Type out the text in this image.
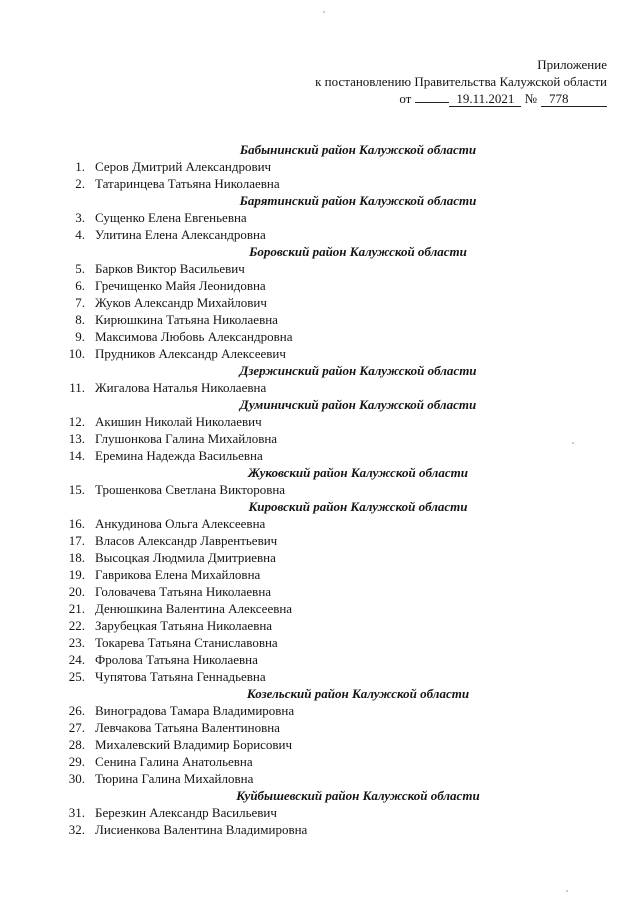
Приложение
к постановлению Правительства Калужской области
от	19.11.2021 № 778
Бабынинский район Калужской области
1. Серов Дмитрий Александрович
2. Татаринцева Татьяна Николаевна
Барятинский район Калужской области
3. Сущенко Елена Евгеньевна
4. Улитина Елена Александровна
Боровский район Калужской области
5. Барков Виктор Васильевич
6. Гречищенко Майя Леонидовна
7. Жуков Александр Михайлович
8. Кирюшкина Татьяна Николаевна
9. Максимова Любовь Александровна
10. Прудников Александр Алексеевич
Дзержинский район Калужской области
11. Жигалова Наталья Николаевна
Думиничский район Калужской области
12. Акишин Николай Николаевич
13. Глушонкова Галина Михайловна
14. Еремина Надежда Васильевна
Жуковский район Калужской области
15. Трошенкова Светлана Викторовна
Кировский район Калужской области
16. Анкудинова Ольга Алексеевна
17. Власов Александр Лаврентьевич
18. Высоцкая Людмила Дмитриевна
19. Гаврикова Елена Михайловна
20. Головачева Татьяна Николаевна
21. Денюшкина Валентина Алексеевна
22. Зарубецкая Татьяна Николаевна
23. Токарева Татьяна Станиславовна
24. Фролова Татьяна Николаевна
25. Чупятова Татьяна Геннадьевна
Козельский район Калужской области
26. Виноградова Тамара Владимировна
27. Левчакова Татьяна Валентиновна
28. Михалевский Владимир Борисович
29. Сенина Галина Анатольевна
30. Тюрина Галина Михайловна
Куйбышевский район Калужской области
31. Березкин Александр Васильевич
32. Лисиенкова Валентина Владимировна
